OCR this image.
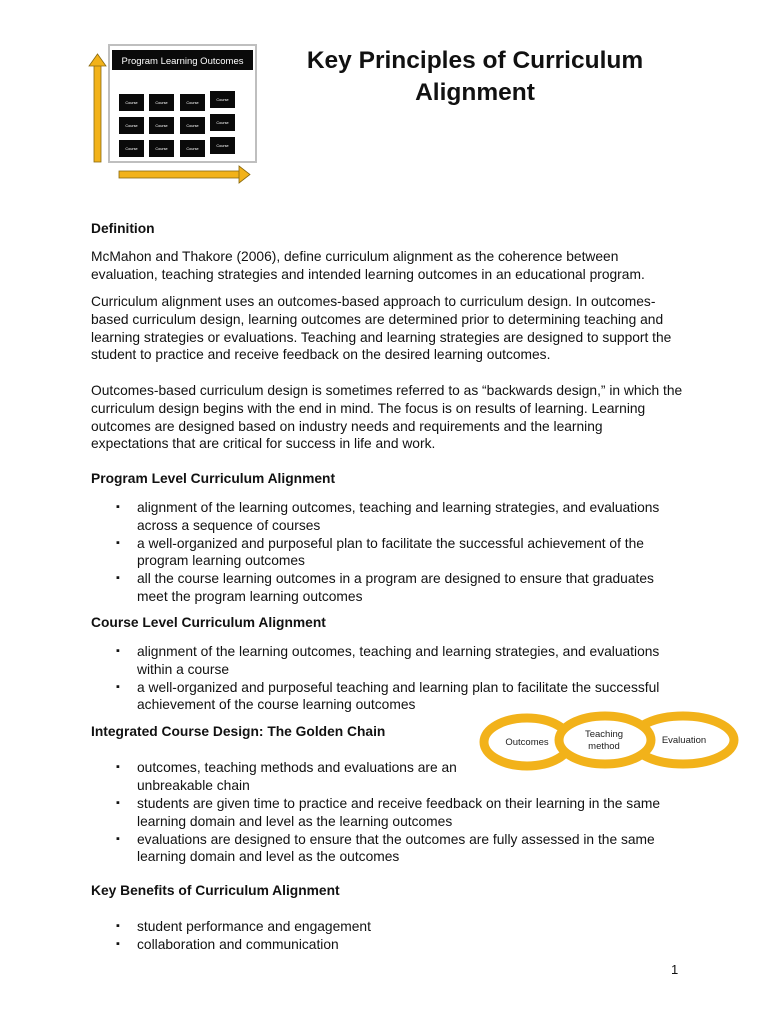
Program Learning Outcomes
Course	Course	Course
Course
Course	Course	Course
Course
Course	Course	Course
Course
Key Principles of Curriculum
Alignment
Definition
McMahon and Thakore (2006), define curriculum alignment as the coherence between evaluation, teaching strategies and intended learning outcomes in an educational program.
Curriculum alignment uses an outcomes-based approach to curriculum design. In outcomes-based curriculum design, learning outcomes are determined prior to determining teaching and learning strategies or evaluations. Teaching and learning strategies are designed to support the student to practice and receive feedback on the desired learning outcomes.
Outcomes-based curriculum design is sometimes referred to as “backwards design,” in which the curriculum design begins with the end in mind. The focus is on results of learning. Learning outcomes are designed based on industry needs and requirements and the learning expectations that are critical for success in life and work.
Program Level Curriculum Alignment
▪ alignment of the learning outcomes, teaching and learning strategies, and evaluations across a sequence of courses
▪ a well-organized and purposeful plan to facilitate the successful achievement of the program learning outcomes
▪ all the course learning outcomes in a program are designed to ensure that graduates meet the program learning outcomes
Course Level Curriculum Alignment
▪ alignment of the learning outcomes, teaching and learning strategies, and evaluations within a course
▪ a well-organized and purposeful teaching and learning plan to facilitate the successful achievement of the course learning outcomes
Integrated Course Design: The Golden Chain
Outcomes
Teaching
method
Evaluation
▪ outcomes, teaching methods and evaluations are an unbreakable chain
▪ students are given time to practice and receive feedback on their learning in the same learning domain and level as the learning outcomes
▪ evaluations are designed to ensure that the outcomes are fully assessed in the same learning domain and level as the outcomes
Key Benefits of Curriculum Alignment
▪ student performance and engagement
▪ collaboration and communication
1
